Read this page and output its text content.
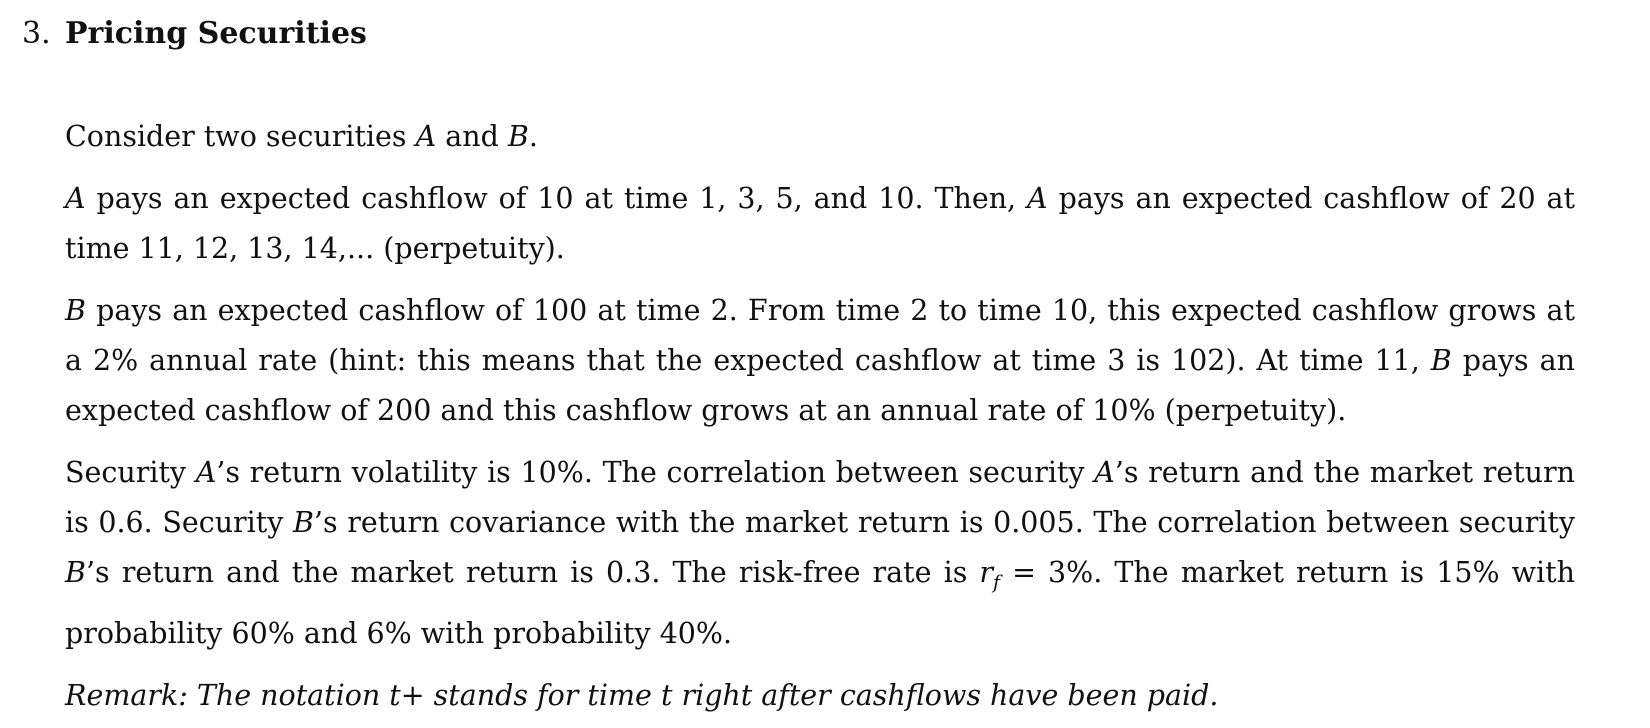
3. Pricing Securities

Consider two securities A and B.

A pays an expected cashflow of 10 at time 1, 3, 5, and 10. Then, A pays an expected cashflow of 20 at time 11, 12, 13, 14,... (perpetuity).

B pays an expected cashflow of 100 at time 2. From time 2 to time 10, this expected cashflow grows at a 2% annual rate (hint: this means that the expected cashflow at time 3 is 102). At time 11, B pays an expected cashflow of 200 and this cashflow grows at an annual rate of 10% (perpetuity).

Security A’s return volatility is 10%. The correlation between security A’s return and the market return is 0.6. Security B’s return covariance with the market return is 0.005. The correlation between security B’s return and the market return is 0.3. The risk-free rate is $r_f = 3\%$. The market return is 15% with probability 60% and 6% with probability 40%.

Remark: The notation t+ stands for time t right after cashflows have been paid.
